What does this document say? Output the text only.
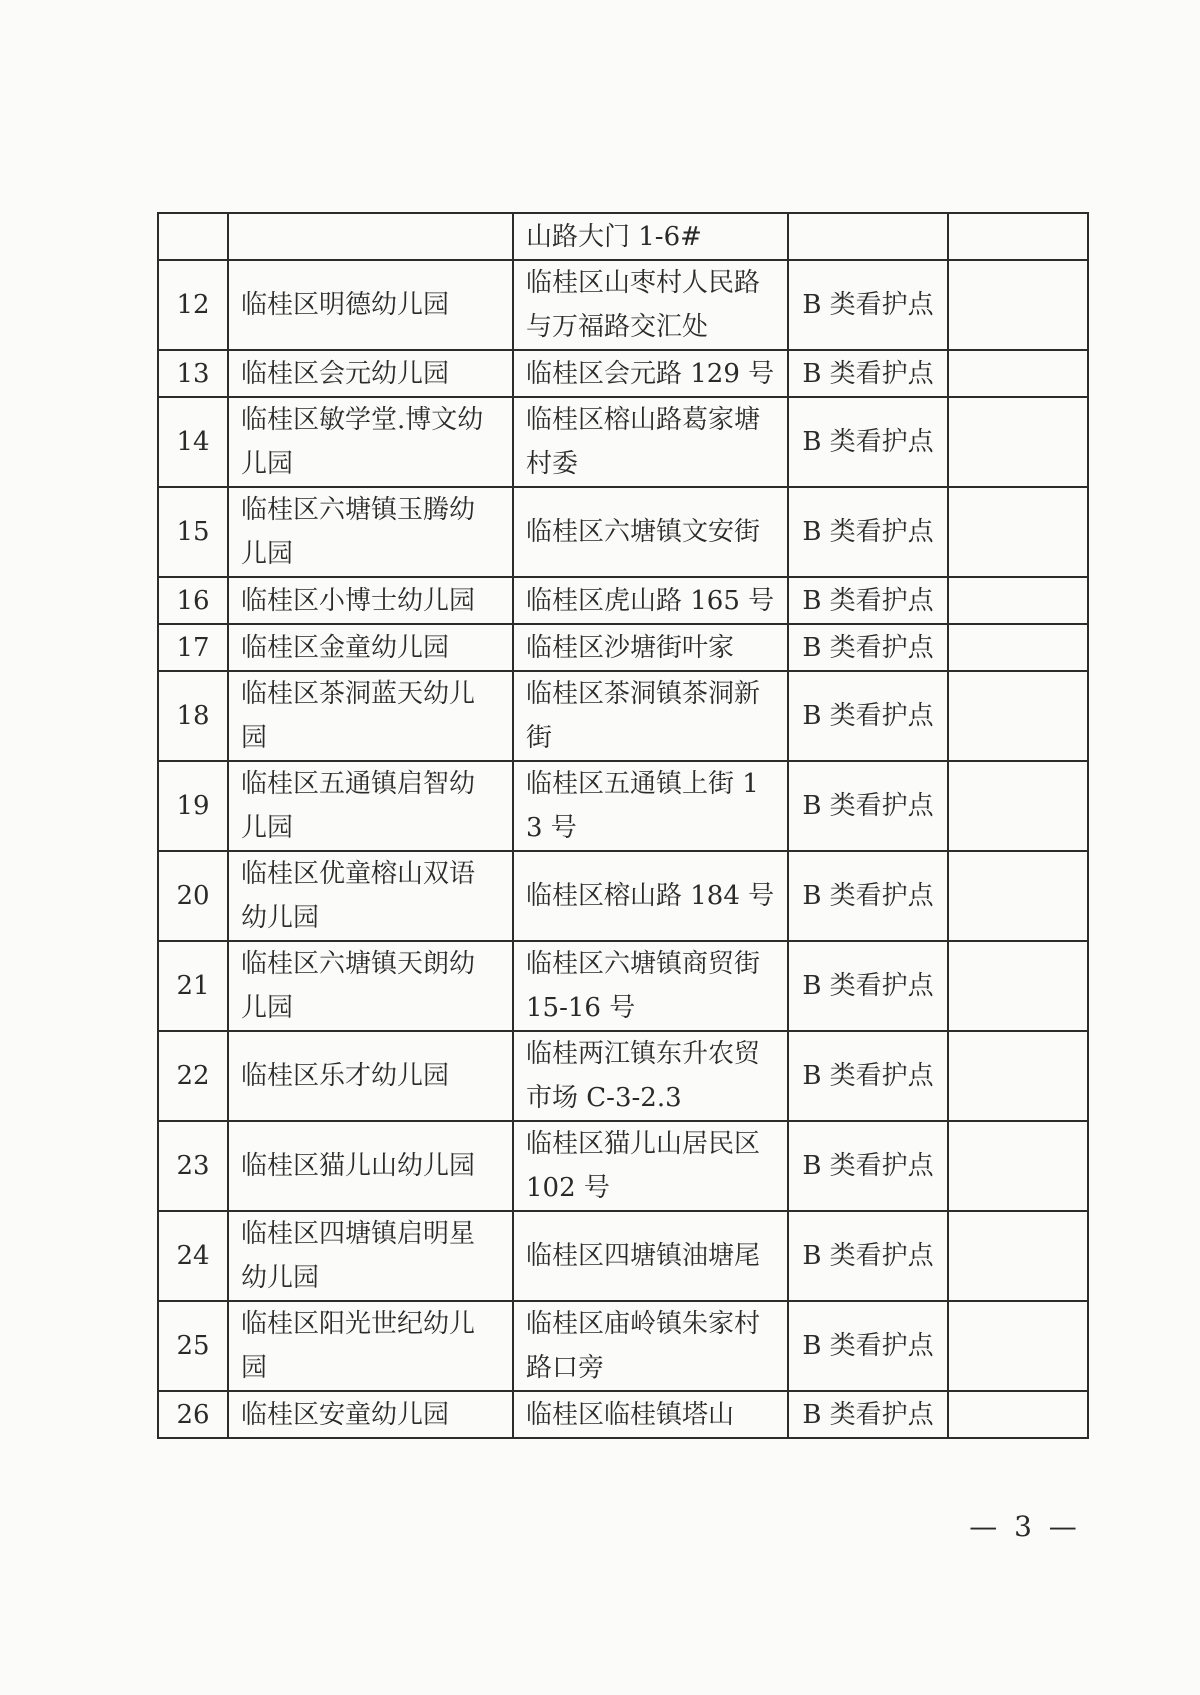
		山路大门 1-6#		
12	临桂区明德幼儿园	临桂区山枣村人民路与万福路交汇处	B 类看护点	
13	临桂区会元幼儿园	临桂区会元路 129 号	B 类看护点	
14	临桂区敏学堂.博文幼儿园	临桂区榕山路葛家塘村委	B 类看护点	
15	临桂区六塘镇玉腾幼儿园	临桂区六塘镇文安街	B 类看护点	
16	临桂区小博士幼儿园	临桂区虎山路 165 号	B 类看护点	
17	临桂区金童幼儿园	临桂区沙塘街叶家	B 类看护点	
18	临桂区茶洞蓝天幼儿园	临桂区茶洞镇茶洞新街	B 类看护点	
19	临桂区五通镇启智幼儿园	临桂区五通镇上街 13 号	B 类看护点	
20	临桂区优童榕山双语幼儿园	临桂区榕山路 184 号	B 类看护点	
21	临桂区六塘镇天朗幼儿园	临桂区六塘镇商贸街 15-16 号	B 类看护点	
22	临桂区乐才幼儿园	临桂两江镇东升农贸市场 C-3-2.3	B 类看护点	
23	临桂区猫儿山幼儿园	临桂区猫儿山居民区 102 号	B 类看护点	
24	临桂区四塘镇启明星幼儿园	临桂区四塘镇油塘尾	B 类看护点	
25	临桂区阳光世纪幼儿园	临桂区庙岭镇朱家村路口旁	B 类看护点	
26	临桂区安童幼儿园	临桂区临桂镇塔山	B 类看护点	
— 3 —
